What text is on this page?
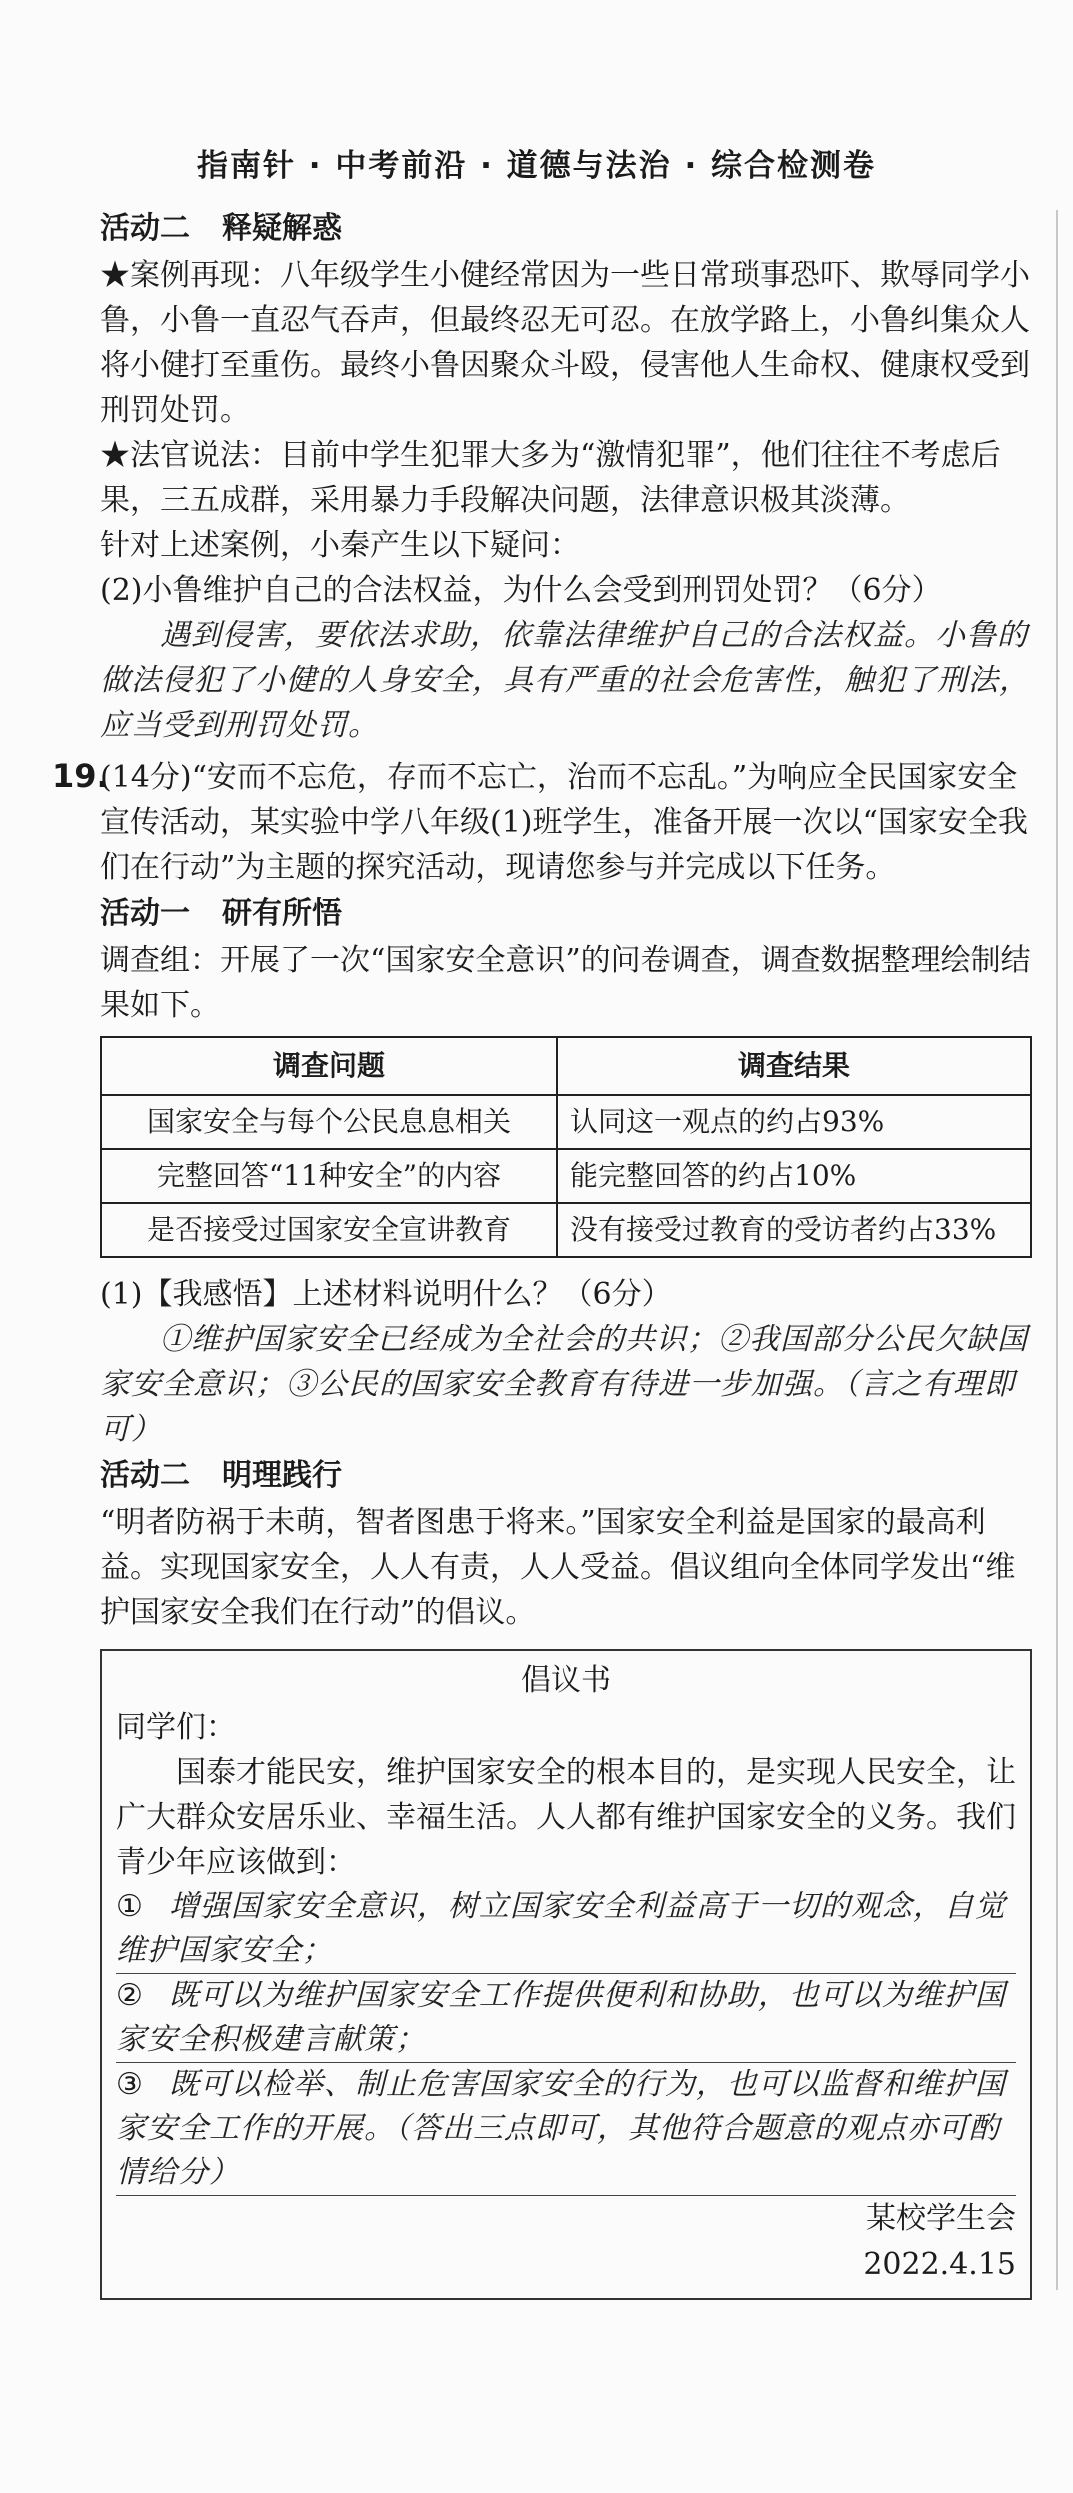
指南针 · 中考前沿 · 道德与法治 · 综合检测卷
活动二 释疑解惑

★案例再现：八年级学生小健经常因为一些日常琐事恐吓、欺辱同学小鲁，小鲁一直忍气吞声，但最终忍无可忍。在放学路上，小鲁纠集众人将小健打至重伤。最终小鲁因聚众斗殴，侵害他人生命权、健康权受到刑罚处罚。

★法官说法：目前中学生犯罪大多为“激情犯罪”，他们往往不考虑后果，三五成群，采用暴力手段解决问题，法律意识极其淡薄。

针对上述案例，小秦产生以下疑问：

(2)小鲁维护自己的合法权益，为什么会受到刑罚处罚？（6分）

遇到侵害，要依法求助，依靠法律维护自己的合法权益。小鲁的做法侵犯了小健的人身安全，具有严重的社会危害性，触犯了刑法，应当受到刑罚处罚。

19.(14分)“安而不忘危，存而不忘亡，治而不忘乱。”为响应全民国家安全宣传活动，某实验中学八年级(1)班学生，准备开展一次以“国家安全我们在行动”为主题的探究活动，现请您参与并完成以下任务。

活动一 研有所悟

调查组：开展了一次“国家安全意识”的问卷调查，调查数据整理绘制结果如下。

调查问题	调查结果
国家安全与每个公民息息相关	认同这一观点的约占93%
完整回答“11种安全”的内容	能完整回答的约占10%
是否接受过国家安全宣讲教育	没有接受过教育的受访者约占33%

(1)【我感悟】上述材料说明什么？（6分）

①维护国家安全已经成为全社会的共识；②我国部分公民欠缺国家安全意识；③公民的国家安全教育有待进一步加强。（言之有理即可）

活动二 明理践行

“明者防祸于未萌，智者图患于将来。”国家安全利益是国家的最高利益。实现国家安全，人人有责，人人受益。倡议组向全体同学发出“维护国家安全我们在行动”的倡议。

倡议书

同学们：

国泰才能民安，维护国家安全的根本目的，是实现人民安全，让广大群众安居乐业、幸福生活。人人都有维护国家安全的义务。我们青少年应该做到：

① 增强国家安全意识，树立国家安全利益高于一切的观念，自觉维护国家安全；
② 既可以为维护国家安全工作提供便利和协助，也可以为维护国家安全积极建言献策；
③ 既可以检举、制止危害国家安全的行为，也可以监督和维护国家安全工作的开展。（答出三点即可，其他符合题意的观点亦可酌情给分）
某校学生会
2022.4.15
